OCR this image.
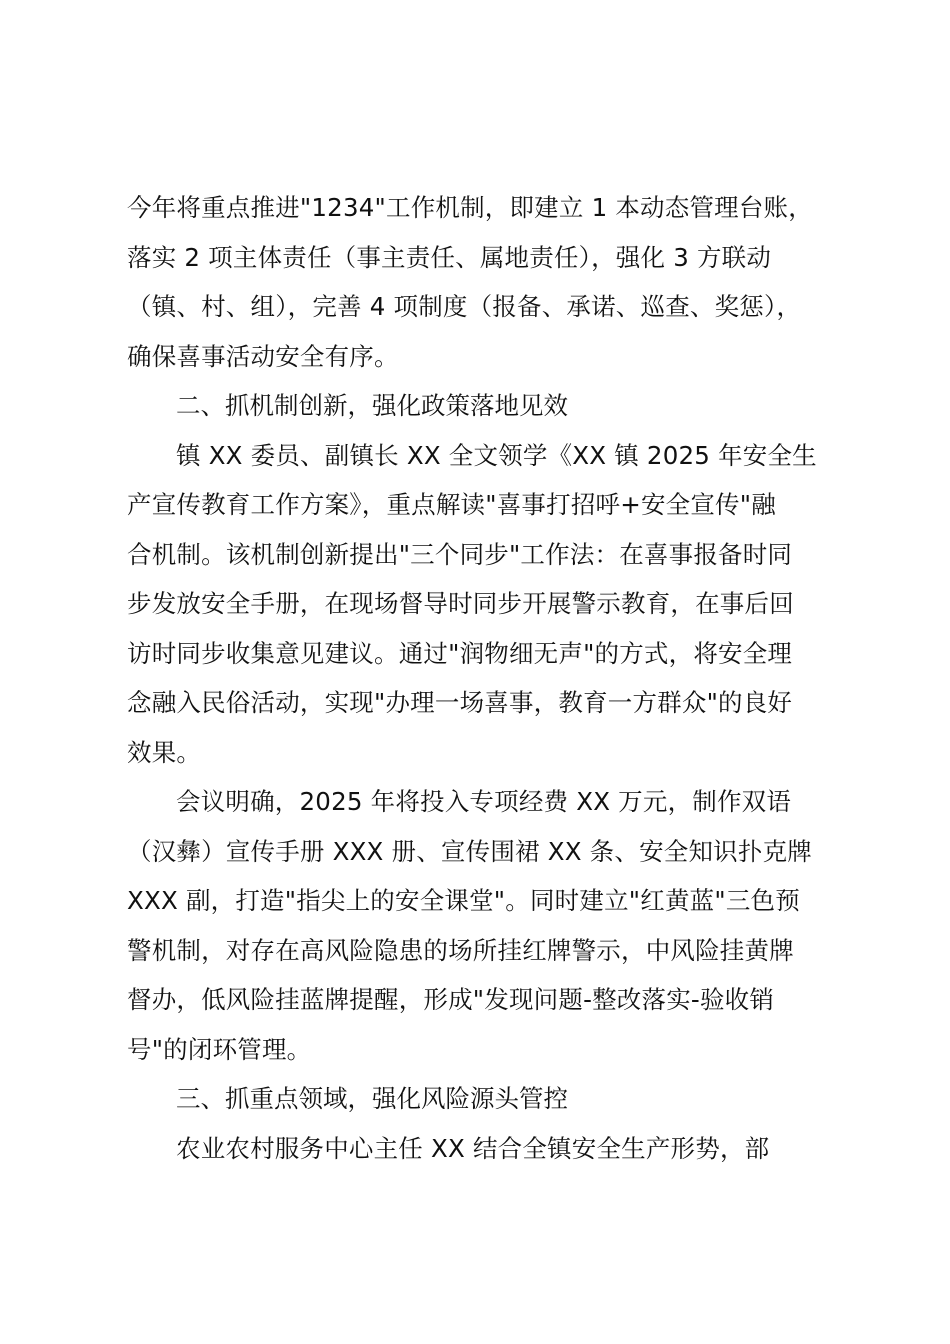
今年将重点推进"1234"工作机制，即建立 1 本动态管理台账，
落实 2 项主体责任（事主责任、属地责任），强化 3 方联动
（镇、村、组），完善 4 项制度（报备、承诺、巡查、奖惩），
确保喜事活动安全有序。

二、抓机制创新，强化政策落地见效

镇 XX 委员、副镇长 XX 全文领学《XX 镇 2025 年安全生
产宣传教育工作方案》，重点解读"喜事打招呼+安全宣传"融
合机制。该机制创新提出"三个同步"工作法：在喜事报备时同
步发放安全手册，在现场督导时同步开展警示教育，在事后回
访时同步收集意见建议。通过"润物细无声"的方式，将安全理
念融入民俗活动，实现"办理一场喜事，教育一方群众"的良好
效果。

会议明确，2025 年将投入专项经费 XX 万元，制作双语
（汉彝）宣传手册 XXX 册、宣传围裙 XX 条、安全知识扑克牌
XXX 副，打造"指尖上的安全课堂"。同时建立"红黄蓝"三色预
警机制，对存在高风险隐患的场所挂红牌警示，中风险挂黄牌
督办，低风险挂蓝牌提醒，形成"发现问题-整改落实-验收销
号"的闭环管理。

三、抓重点领域，强化风险源头管控

农业农村服务中心主任 XX 结合全镇安全生产形势，部
